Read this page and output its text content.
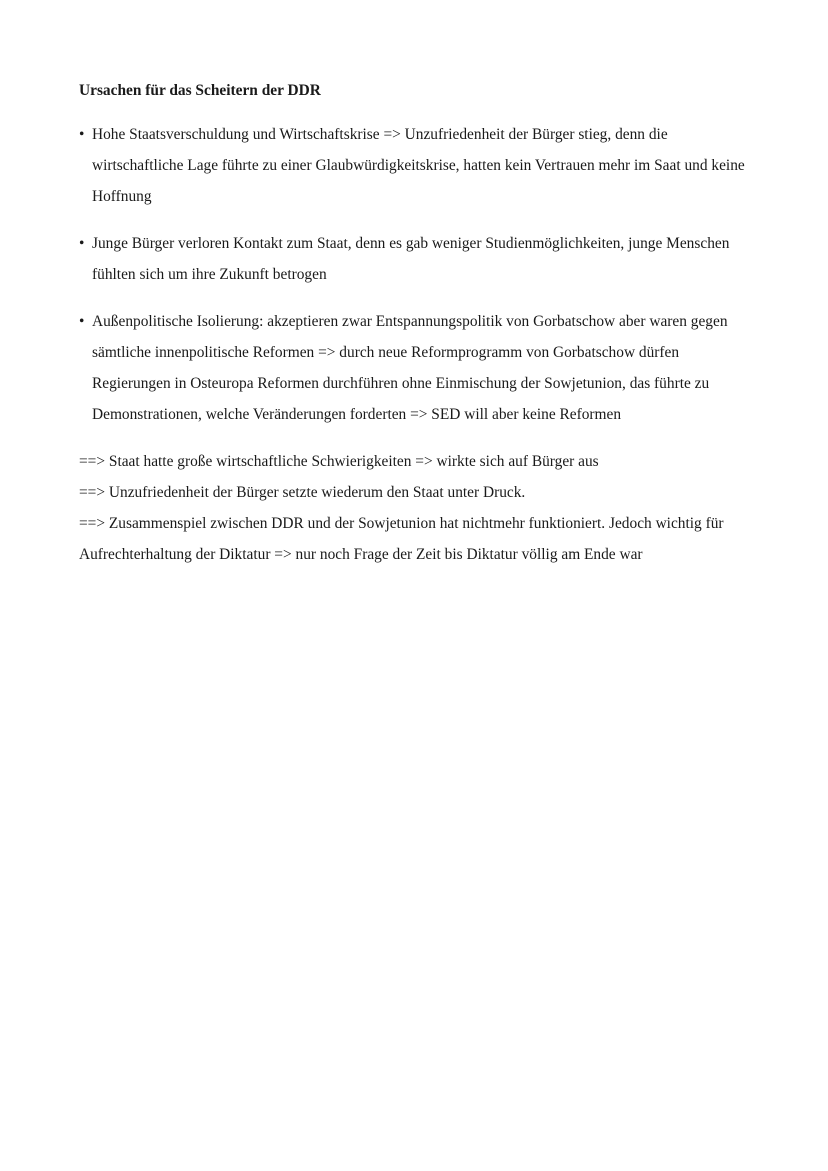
Ursachen für das Scheitern der DDR
• Hohe Staatsverschuldung und Wirtschaftskrise => Unzufriedenheit der Bürger stieg, denn die wirtschaftliche Lage führte zu einer Glaubwürdigkeitskrise, hatten kein Vertrauen mehr im Saat und keine Hoffnung
• Junge Bürger verloren Kontakt zum Staat, denn es gab weniger Studienmöglichkeiten, junge Menschen fühlten sich um ihre Zukunft betrogen
• Außenpolitische Isolierung: akzeptieren zwar Entspannungspolitik von Gorbatschow aber waren gegen sämtliche innenpolitische Reformen => durch neue Reformprogramm von Gorbatschow dürfen Regierungen in Osteuropa Reformen durchführen ohne Einmischung der Sowjetunion, das führte zu Demonstrationen, welche Veränderungen forderten => SED will aber keine Reformen

==> Staat hatte große wirtschaftliche Schwierigkeiten => wirkte sich auf Bürger aus

==> Unzufriedenheit der Bürger setzte wiederum den Staat unter Druck.

==> Zusammenspiel zwischen DDR und der Sowjetunion hat nichtmehr funktioniert. Jedoch wichtig für Aufrechterhaltung der Diktatur => nur noch Frage der Zeit bis Diktatur völlig am Ende war
